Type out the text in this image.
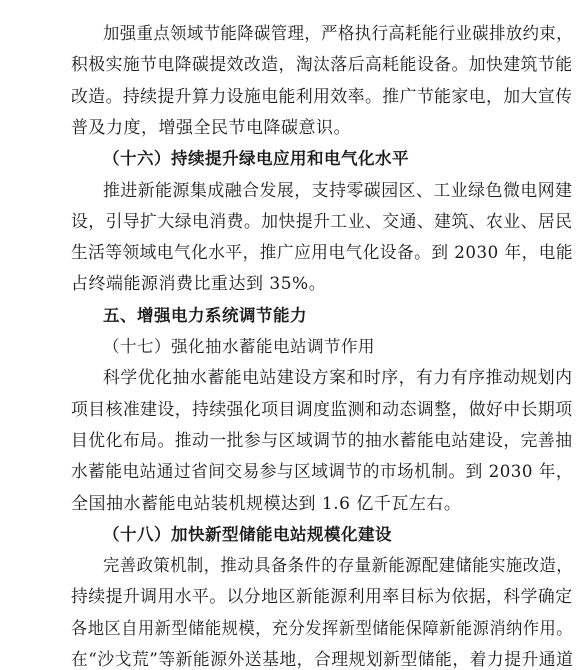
加强重点领域节能降碳管理，严格执行高耗能行业碳排放约束，
积极实施节电降碳提效改造，淘汰落后高耗能设备。加快建筑节能
改造。持续提升算力设施电能利用效率。推广节能家电，加大宣传
普及力度，增强全民节电降碳意识。
（十六）持续提升绿电应用和电气化水平
推进新能源集成融合发展，支持零碳园区、工业绿色微电网建
设，引导扩大绿电消费。加快提升工业、交通、建筑、农业、居民
生活等领域电气化水平，推广应用电气化设备。到 2030 年，电能
占终端能源消费比重达到 35%。
五、增强电力系统调节能力
（十七）强化抽水蓄能电站调节作用
科学优化抽水蓄能电站建设方案和时序，有力有序推动规划内
项目核准建设，持续强化项目调度监测和动态调整，做好中长期项
目优化布局。推动一批参与区域调节的抽水蓄能电站建设，完善抽
水蓄能电站通过省间交易参与区域调节的市场机制。到 2030 年，
全国抽水蓄能电站装机规模达到 1.6 亿千瓦左右。
（十八）加快新型储能电站规模化建设
完善政策机制，推动具备条件的存量新能源配建储能实施改造，
持续提升调用水平。以分地区新能源利用率目标为依据，科学确定
各地区自用新型储能规模，充分发挥新型储能保障新能源消纳作用。
在“沙戈荒”等新能源外送基地，合理规划新型储能，着力提升通道
